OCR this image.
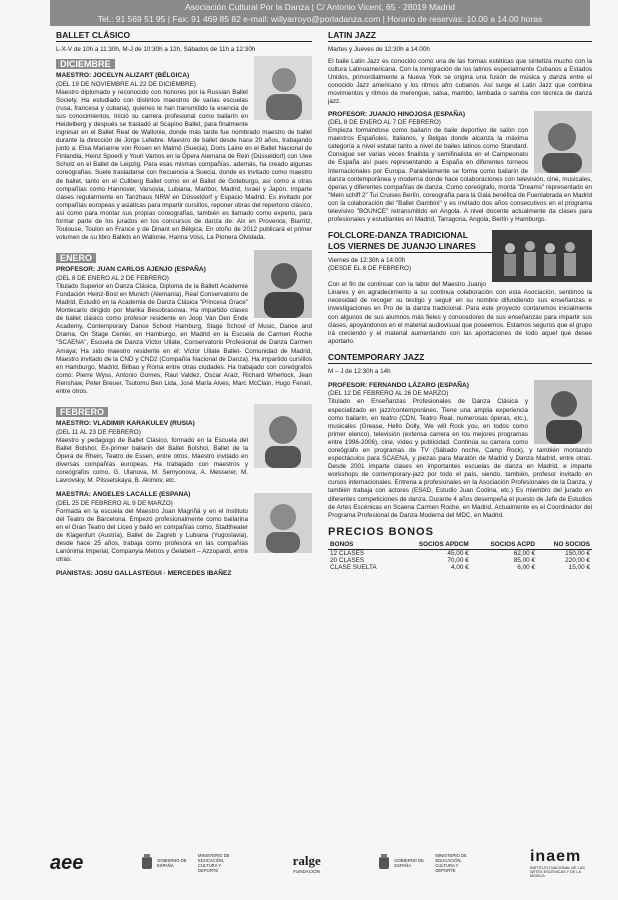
Asociación Cultural Por la Danza | C/ Antonio Vicent, 65 · 28019 Madrid
Tel.: 91 569 51 95 | Fax: 91 469 85 82 e-mail: willyarroyo@porladanza.com | Horario de reservas: 10.00 a 14.00 horas
BALLET CLÁSICO
L-X-V de 10h a 11:30h, M-J de 10:30h a 12h, Sábados de 11h a 12:30h
DICIEMBRE
MAESTRO: JOCELYN ALIZART (BÉLGICA)
(DEL 19 DE NOVIEMBRE AL 22 DE DICIEMBRE)
Maestro diplomado y reconocido con honores por la Russian Ballet Society. Ha estudiado con distintos maestros de varias escuelas (rusa, francesa y cubana), quienes le han transmitido la esencia de sus conocimientos. Inició su carrera profesional como bailarín en Heidelberg y después se trasladó al Scapino Ballet, para finalmente ingresar en el Ballet Real de Wallonie, donde más tarde fue nombrado maestro de ballet durante la dirección de Jorge Lefebre. Maestro de ballet desde hace 20 años, trabajando junto a: Elsa Marianne von Rosen en Malmö (Suecia), Doris Laine en el Ballet Nacional de Finlandia, Heinz Spoerli y Youri Vamos en la Ópera Alemana de Rein (Düsseldorf) con Uwe Scholz en el Ballet de Leipzig. Para esas mismas compañías, además, ha creado algunas coreografías. Suele trasladarse con frecuencia a Suecia, donde es invitado como maestro de ballet, tanto en el Cullberg Ballet como en el Ballet de Goteburgo, así como a otras compañías como Hannover, Varsovia, Lubiana, Maribor, Madrid, Israel y Japón. Imparte clases regularmente en Tanzhaus NRW en Düsseldorf y Espacio Madrid. Es invitado por compañías europeas y asiáticas para impartir cursillos, reponer obras del repertorio clásico, así como para montar sus propias coreografías, también es llamado como experto, para formar parte de los jurados en los concursos de danza de: Aix en Provence, Biarritz, Toulouse, Toulon en France y de Dinant en Bélgica. En otoño de 2012 publicará el primer volumen de su libro Ballets en Wallonie, Hanna Voss, La Pionera Olvidada.
ENERO
PROFESOR: JUAN CARLOS AJENJO (ESPAÑA)
(DEL 8 DE ENERO AL 2 DE FEBRERO)
Titulado Superior en Danza Clásica, Diploma de la Ballett Academie Fundación Heinz-Bosl en Munich (Alemania), Real Conservatorio de Madrid, Estudió en la Academia de Danza Clásica "Princesa Grace" Montecarlo dirigido por Marika Besobrasowa. Ha impartido clases de ballet clásico como profesor residente en Joop Van Den Ende Academy, Contemporary Dance School Hamburg, Stage School of Music, Dance and Drama, On Stage Center, en Hamburgo, en Madrid en la Escuela de Carmen Roche "SCAENA", Escuela de Danza Víctor Ullate, Conservatorio Profesional de Danza Carmen Amaya; Ha sido maestro residente en el: Víctor Ullate Ballet- Comunidad de Madrid, Maestro invitado de la CND y CND2 (Compañía Nacional de Danza). Ha impartido cursillos en Hamburgo, Madrid, Bilbao y Roma entre otras ciudades. Ha trabajado con coreógrafos como: Pierre Wyss, Antonio Gomes, Raul Valdez, Oscar Araiz, Richard Wherlock, Jean Renshaw, Peter Breuer, Tsutomu Ben Lida, José María Alves, Marc McClain, Hugo Fenari, entre otros.
FEBRERO
MAESTRO: VLADIMIR KARAKULEV (RUSIA)
(DEL 11 AL 23 DE FEBRERO)
Maestro y pedagogo de Ballet Clásico, formado en la Escuela del Ballet Bolshoi. Ex-primer bailarín del Ballet Bolshoi, Ballet de la Ópera de Rhein, Teatro de Essen, entre otros. Maestro invitado en diversas compañías europeas. Ha trabajado con maestros y coreógrafos como, G. Ulanova, M. Semyonova, A. Messerer, M. Lavrovsky, M. Plissetskaya, B. Akimov, etc.
MAESTRA: ÁNGELES LACALLE (ESPAÑA)
(DEL 25 DE FEBRERO AL 9 DE MARZO)
Formada en la escuela del Maestro Joan Magriñá y en el Instituto del Teatro de Barcelona. Empezó profesionalmente como bailarina en el Gran Teatro del Liceo y bailó en compañías como, Stadtheater de Klagenfurt (Austria), Ballet de Zagreb y Lubiana (Yugoslavia), desde hace 25 años, trabaja como profesora en las compañías Lanónima Imperial, Companyia Metros y Gelabert – Azzopardi, entre otras.
PIANISTAS: JOSU GALLASTEGUI · MERCEDES IBAÑEZ
LATIN JAZZ
Martes y Jueves de 12:30h a 14:00h
El baile Latin Jazz es conocido como una de las formas estéticas que sintetiza mucho con la cultura Latinoamericana. Con la inmigración de los latinos especialmente Cubanos a Estados Unidos, primordialmente a Nueva York se origina una fusión de música y danza entre el conocido Jazz americano y los ritmos afro cubanos. Así surge el Latin Jazz que combina movimientos y ritmos de merengue, salsa, mambo, lambada o samba con técnica de danza jazz.
PROFESOR: JUANJO HINOJOSA (ESPAÑA)
(DEL 8 DE ENERO AL 7 DE FEBRERO)
Empieza formándose como bailarín de baile deportivo de salón con maestros Españoles, Italianos, y Belgas donde alcanza la máxima categoría a nivel estatal tanto a nivel de bailes latinos como Standard. Consigue ser varias veces finalista y semifinalista en el Campeonato de España así pues representando a España en diferentes torneos Internacionales por Europa. Paralelamente se forma como bailarín de danza contemporánea y moderna donde hace colaboraciones con televisión, cine, musicales, óperas y diferentes compañías de danza. Como coreógrafo, monta "Dreams" representado en "Mein schiff 2" Tui Cruises Berlín, coreografía para la Gala benéfica de Fuenlabrada en Madrid con la colaboración del "Ballet Gambini" y es invitado dos años consecutivos en el programa televisivo "BOUNCE" retransmitido en Angola. A nivel docente actualmente da clases para profesionales y estudiantes en Madrid, Tarragona, Angola, Berlín y Hamburgo.
FOLCLORE-DANZA TRADICIONAL
LOS VIERNES DE JUANJO LINARES
Viernes de 12:30h a 14:00h
(DESDE EL 8 DE FEBRERO)
Con el fin de continuar con la labor del Maestro Juanjo Linares y en agradecimiento a su continua colaboración con esta Asociación, sentimos la necesidad de recoger su testigo y seguir en su nombre difundiendo sus enseñanzas e investigaciones en Pro de la danza tradicional. Para este proyecto contaremos inicialmente con algunos de sus alumnos más fieles y conocedores de sus enseñanzas para impartir sus clases, apoyándonos en el material audiovisual que poseemos. Estamos seguros que el grupo irá creciendo y el material aumentando con las aportaciones de todo aquel que desee aportarlo.
CONTEMPORARY JAZZ
M – J de 12:30h a 14h
PROFESOR: FERNANDO LÁZARO (ESPAÑA)
(DEL 12 DE FEBRERO AL 26 DE MARZO)
Titulado en Enseñanzas Profesionales de Danza Clásica y especializado en jazz/contemporáneo. Tiene una amplia experiencia como bailarín, en teatro (CDN, Teatro Real, numerosas óperas, etc.), musicales (Grease, Hello Dolly, We will Rock you, en todos como primer elenco), televisión (extensa carrera en los mejores programas entre 1996-2006), cine, vídeo y publicidad. Continúa su carrera como coreógrafo en programas de TV (Sábado noche, Camp Rock), y también montando espectáculos para SCAENA, y piezas para Maratón de Madrid y Danza Madrid, entre otras. Desde 2001 imparte clases en importantes escuelas de danza en Madrid, e imparte workshops de contemporary-jazz por todo el país, siendo, también, profesor invitado en cursos internacionales. Entrena a profesionales en la Asociación Profesionales de la Danza, y también trabaja con actores (ESAD, Estudio Juan Codina, etc.) Es miembro del jurado en diferentes competiciones de danza. Durante 4 años desempeña el puesto de Jefe de Estudios de Artes Escénicas en Scaena Carmen Roche, en Madrid. Actualmente es el Coordinador del Programa Profesional de Danza Moderna del MDC, en Madrid.
PRECIOS BONOS
BONOS	SOCIOS APDCM	SOCIOS ACPD	NO SOCIOS
12 CLASES	45,00 €	62,00 €	150,00 €
20 CLASES	70,00 €	85,00 €	220,00 €
CLASE SUELTA	4,00 €	6,00 €	15,00 €
aee	GOBIERNO DE ESPAÑA
MINISTERIO DE EDUCACIÓN, CULTURA Y DEPORTE
ralge
FUNDACIÓN
GOBIERNO DE ESPAÑA
MINISTERIO DE EDUCACIÓN, CULTURA Y DEPORTE
inaem
INSTITUTO NACIONAL DE LAS ARTES ESCÉNICAS Y DE LA MÚSICA
